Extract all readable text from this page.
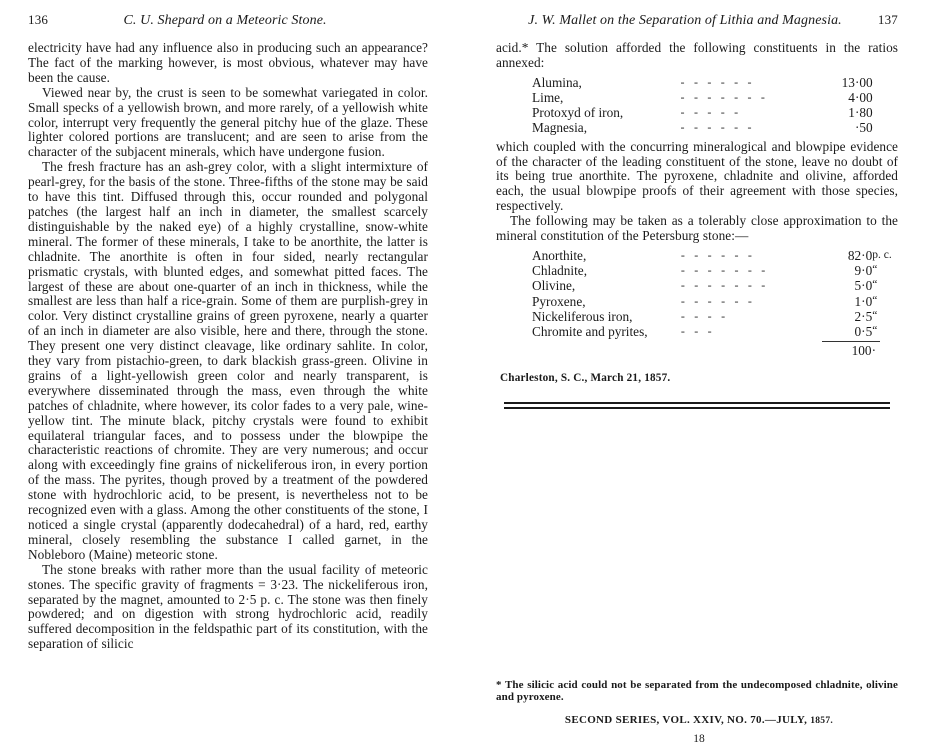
136	C. U. Shepard on a Meteoric Stone.

electricity have had any influence also in producing such an appearance? The fact of the marking however, is most obvious, whatever may have been the cause.

Viewed near by, the crust is seen to be somewhat variegated in color. Small specks of a yellowish brown, and more rarely, of a yellowish white color, interrupt very frequently the general pitchy hue of the glaze. These lighter colored portions are translucent; and are seen to arise from the character of the subjacent minerals, which have undergone fusion.

The fresh fracture has an ash-grey color, with a slight intermixture of pearl-grey, for the basis of the stone. Three-fifths of the stone may be said to have this tint. Diffused through this, occur rounded and polygonal patches (the largest half an inch in diameter, the smallest scarcely distinguishable by the naked eye) of a highly crystalline, snow-white mineral. The former of these minerals, I take to be anorthite, the latter is chladnite. The anorthite is often in four sided, nearly rectangular prismatic crystals, with blunted edges, and somewhat pitted faces. The largest of these are about one-quarter of an inch in thickness, while the smallest are less than half a rice-grain. Some of them are purplish-grey in color. Very distinct crystalline grains of green pyroxene, nearly a quarter of an inch in diameter are also visible, here and there, through the stone. They present one very distinct cleavage, like ordinary sahlite. In color, they vary from pistachio-green, to dark blackish grass-green. Olivine in grains of a light-yellowish green color and nearly transparent, is everywhere disseminated through the mass, even through the white patches of chladnite, where however, its color fades to a very pale, wine-yellow tint. The minute black, pitchy crystals were found to exhibit equilateral triangular faces, and to possess under the blowpipe the characteristic reactions of chromite. They are very numerous; and occur along with exceedingly fine grains of nickeliferous iron, in every portion of the mass. The pyrites, though proved by a treatment of the powdered stone with hydrochloric acid, to be present, is nevertheless not to be recognized even with a glass. Among the other constituents of the stone, I noticed a single crystal (apparently dodecahedral) of a hard, red, earthy mineral, closely resembling the substance I called garnet, in the Nobleboro (Maine) meteoric stone.

The stone breaks with rather more than the usual facility of meteoric stones. The specific gravity of fragments = 3·23. The nickeliferous iron, separated by the magnet, amounted to 2·5 p. c. The stone was then finely powdered; and on digestion with strong hydrochloric acid, readily suffered decomposition in the feldspathic part of its constitution, with the separation of silicic

J. W. Mallet on the Separation of Lithia and Magnesia.	137

acid.* The solution afforded the following constituents in the ratios annexed:

Alumina,	- - - - - -	13·00	
Lime,	- - - - - - -	4·00	
Protoxyd of iron,	- - - - -	1·80	
Magnesia,	- - - - - -	·50	

which coupled with the concurring mineralogical and blowpipe evidence of the character of the leading constituent of the stone, leave no doubt of its being true anorthite. The pyroxene, chladnite and olivine, afforded each, the usual blowpipe proofs of their agreement with those species, respectively.

The following may be taken as a tolerably close approximation to the mineral constitution of the Petersburg stone:—

Anorthite,	- - - - - -	82·0	p. c.
Chladnite,	- - - - - - -	9·0	“
Olivine,	- - - - - - -	5·0	“
Pyroxene,	- - - - - -	1·0	“
Nickeliferous iron,	- - - -	2·5	“
Chromite and pyrites,	- - -	0·5	“
100·
Charleston, S. C., March 21, 1857.
* The silicic acid could not be separated from the undecomposed chladnite, olivine and pyroxene.
SECOND SERIES, VOL. XXIV, NO. 70.—JULY, 1857.
18
